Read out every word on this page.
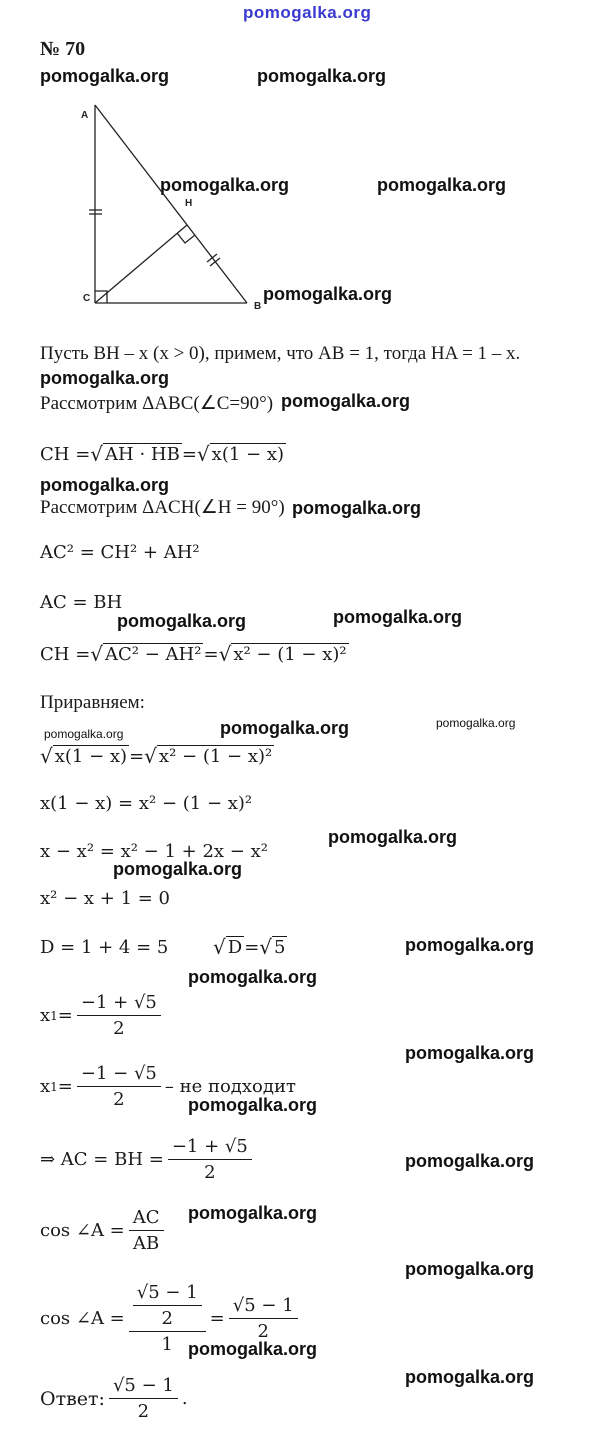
pomogalka.org
№ 70
pomogalka.org	pomogalka.org
pomogalka.org	pomogalka.org
pomogalka.org
pomogalka.org
pomogalka.org
pomogalka.org
pomogalka.org
pomogalka.org	pomogalka.org
pomogalka.org	pomogalka.org
pomogalka.org
pomogalka.org
pomogalka.org
pomogalka.org
pomogalka.org
pomogalka.org
pomogalka.org
pomogalka.org
pomogalka.org
pomogalka.org
pomogalka.org
pomogalka.org
A
H
C
B
Пусть BH – x (x > 0), примем, что AB = 1, тогда HA = 1 – x.
Рассмотрим ΔABC(∠C=90°)
CH = √ AH · HB = √ x(1 − x)
Рассмотрим ΔACH(∠H = 90°)
AC² = CH² + AH²
AC = BH
CH = √ AC² − AH² = √ x² − (1 − x)²
Приравняем:
√ x(1 − x) = √ x² − (1 − x)²
x(1 − x) = x² − (1 − x)²
x − x² = x² − 1 + 2x − x²
x² − x + 1 = 0
D = 1 + 4 = 5 √ D = √ 5
x $1 = \frac{-1 + √5}{2}$
x $1 = \frac{-1 - √5}{2}$ – не подходит
⇒ AC = BH = $\frac{-1 + √5}{2}$
cos ∠A = $\frac{AC}{AB}$
cos ∠A = $\frac{\frac{√5 - 1}{2}}{1} = \frac{√5 - 1}{2}$
Ответ: $\frac{√5 - 1}{2}$ .
